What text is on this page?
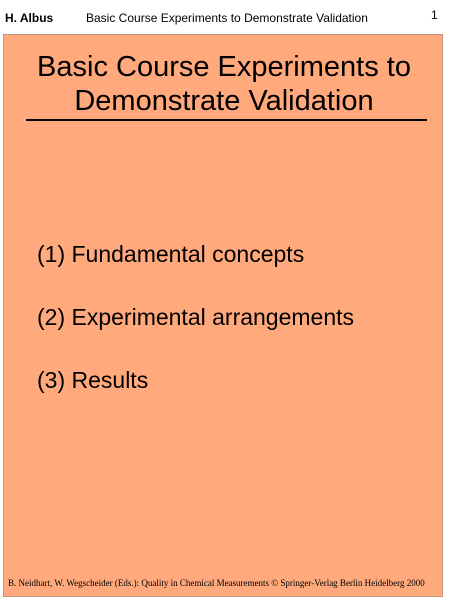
H. Albus	Basic Course Experiments to Demonstrate Validation	1
Basic Course Experiments to Demonstrate Validation
(1) Fundamental concepts
(2) Experimental arrangements
(3) Results
B. Neidhart, W. Wegscheider (Eds.): Quality in Chemical Measurements © Springer-Verlag Berlin Heidelberg 2000
